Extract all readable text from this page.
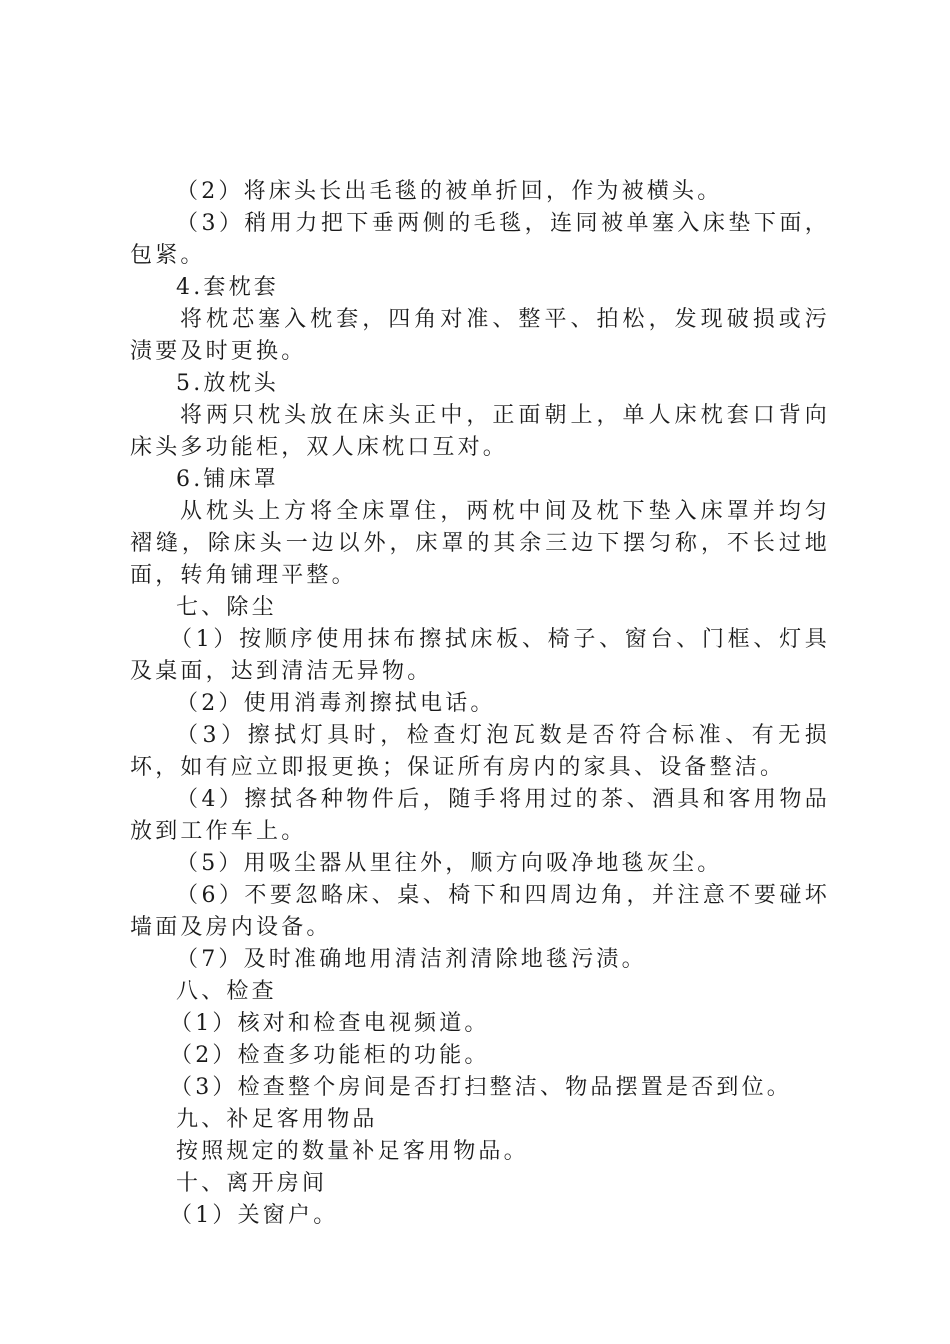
（2）将床头长出毛毯的被单折回，作为被横头。

（3）稍用力把下垂两侧的毛毯，连同被单塞入床垫下面，包紧。

4.套枕套

将枕芯塞入枕套，四角对准、整平、拍松，发现破损或污渍要及时更换。

5.放枕头

将两只枕头放在床头正中，正面朝上，单人床枕套口背向床头多功能柜，双人床枕口互对。

6.铺床罩

从枕头上方将全床罩住，两枕中间及枕下垫入床罩并均匀褶缝，除床头一边以外，床罩的其余三边下摆匀称，不长过地面，转角铺理平整。

七、除尘

（1）按顺序使用抹布擦拭床板、椅子、窗台、门框、灯具及桌面，达到清洁无异物。

（2）使用消毒剂擦拭电话。

（3）擦拭灯具时，检查灯泡瓦数是否符合标准、有无损坏，如有应立即报更换；保证所有房内的家具、设备整洁。

（4）擦拭各种物件后，随手将用过的茶、酒具和客用物品放到工作车上。

（5）用吸尘器从里往外，顺方向吸净地毯灰尘。

（6）不要忽略床、桌、椅下和四周边角，并注意不要碰坏墙面及房内设备。

（7）及时准确地用清洁剂清除地毯污渍。

八、检查

（1）核对和检查电视频道。

（2）检查多功能柜的功能。

（3）检查整个房间是否打扫整洁、物品摆置是否到位。

九、补足客用物品

按照规定的数量补足客用物品。

十、离开房间

（1）关窗户。
